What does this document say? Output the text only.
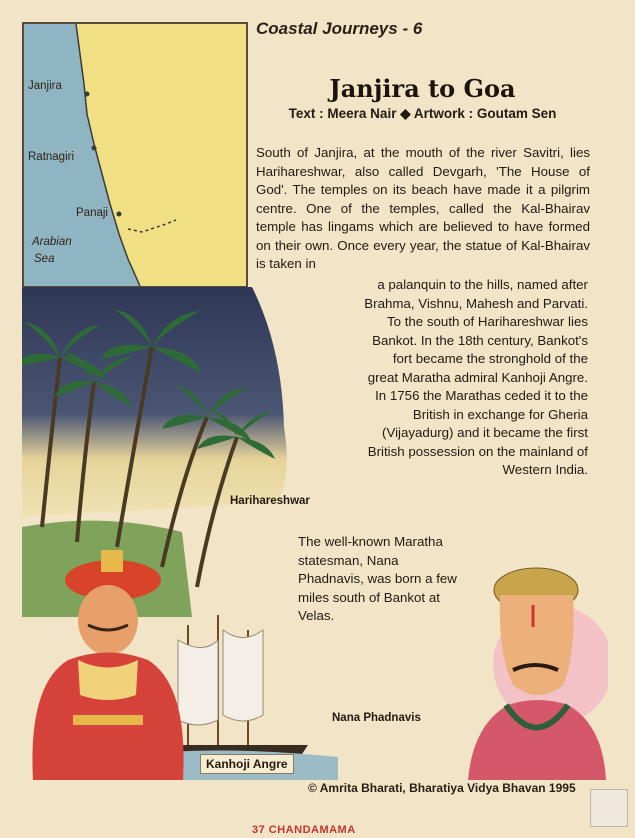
Coastal Journeys - 6
Janjira
Ratnagiri
Panaji
Arabian
Sea
Janjira to Goa
Text : Meera Nair ◆ Artwork : Goutam Sen
South of Janjira, at the mouth of the river Savitri, lies Harihareshwar, also called Devgarh, 'The House of God'. The temples on its beach have made it a pilgrim centre. One of the temples, called the Kal-Bhairav temple has lingams which are believed to have formed on their own. Once every year, the statue of Kal-Bhairav is taken in
a palanquin to the hills, named after
Brahma, Vishnu, Mahesh and Parvati.
To the south of Harihareshwar lies
Bankot. In the 18th century, Bankot's
fort became the stronghold of the
great Maratha admiral Kanhoji Angre.
In 1756 the Marathas ceded it to the
British in exchange for Gheria
(Vijayadurg) and it became the first
British possession on the mainland of
Western India.
Harihareshwar
The well-known Maratha statesman, Nana Phadnavis, was born a few miles south of Bankot at Velas.
Kanhoji Angre
Nana Phadnavis
© Amrita Bharati, Bharatiya Vidya Bhavan 1995
37 CHANDAMAMA
